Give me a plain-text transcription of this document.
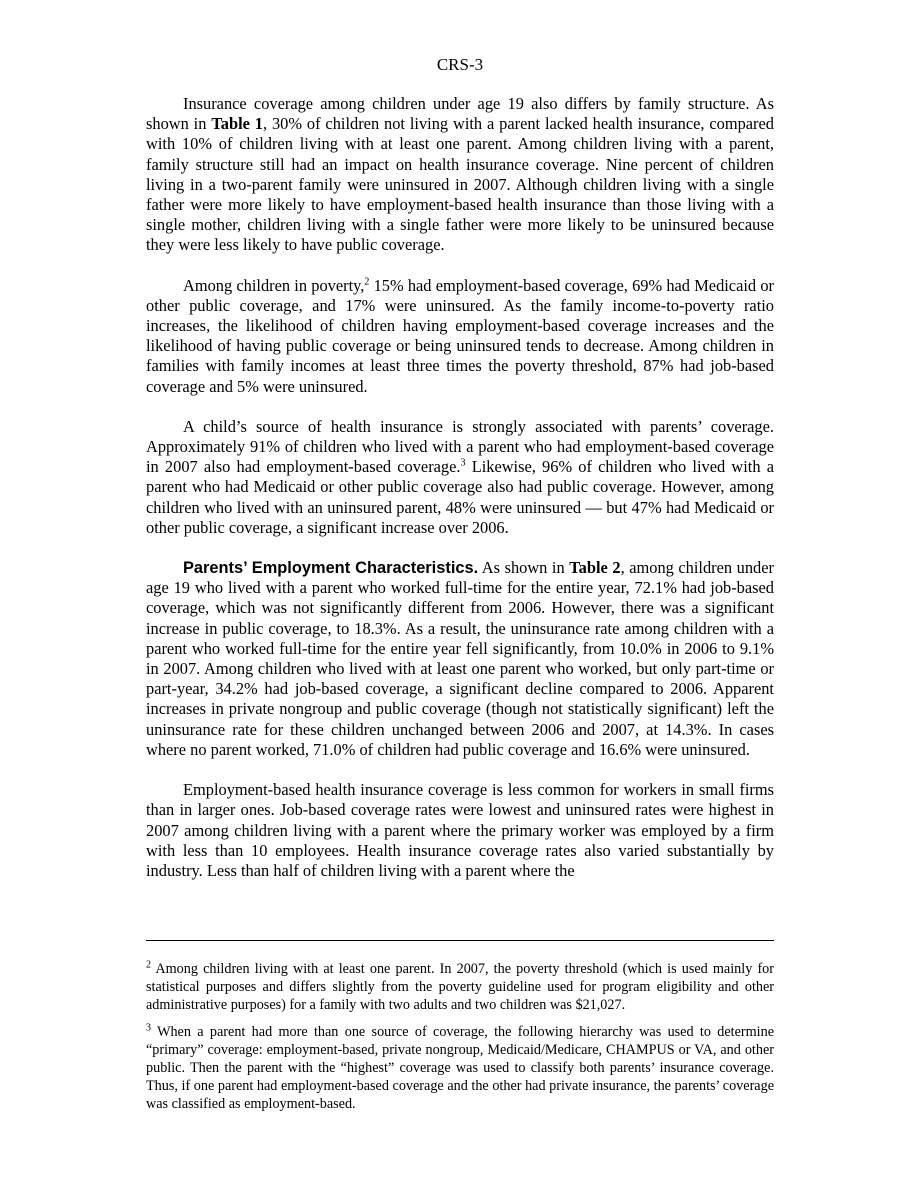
CRS-3

Insurance coverage among children under age 19 also differs by family structure. As shown in Table 1, 30% of children not living with a parent lacked health insurance, compared with 10% of children living with at least one parent. Among children living with a parent, family structure still had an impact on health insurance coverage. Nine percent of children living in a two-parent family were uninsured in 2007. Although children living with a single father were more likely to have employment-based health insurance than those living with a single mother, children living with a single father were more likely to be uninsured because they were less likely to have public coverage.

Among children in poverty,$^2$ 15% had employment-based coverage, 69% had Medicaid or other public coverage, and 17% were uninsured. As the family income-to-poverty ratio increases, the likelihood of children having employment-based coverage increases and the likelihood of having public coverage or being uninsured tends to decrease. Among children in families with family incomes at least three times the poverty threshold, 87% had job-based coverage and 5% were uninsured.

A child’s source of health insurance is strongly associated with parents’ coverage. Approximately 91% of children who lived with a parent who had employment-based coverage in 2007 also had employment-based coverage.$^3$ Likewise, 96% of children who lived with a parent who had Medicaid or other public coverage also had public coverage. However, among children who lived with an uninsured parent, 48% were uninsured — but 47% had Medicaid or other public coverage, a significant increase over 2006.

Parents’ Employment Characteristics. As shown in Table 2, among children under age 19 who lived with a parent who worked full-time for the entire year, 72.1% had job-based coverage, which was not significantly different from 2006. However, there was a significant increase in public coverage, to 18.3%. As a result, the uninsurance rate among children with a parent who worked full-time for the entire year fell significantly, from 10.0% in 2006 to 9.1% in 2007. Among children who lived with at least one parent who worked, but only part-time or part-year, 34.2% had job-based coverage, a significant decline compared to 2006. Apparent increases in private nongroup and public coverage (though not statistically significant) left the uninsurance rate for these children unchanged between 2006 and 2007, at 14.3%. In cases where no parent worked, 71.0% of children had public coverage and 16.6% were uninsured.

Employment-based health insurance coverage is less common for workers in small firms than in larger ones. Job-based coverage rates were lowest and uninsured rates were highest in 2007 among children living with a parent where the primary worker was employed by a firm with less than 10 employees. Health insurance coverage rates also varied substantially by industry. Less than half of children living with a parent where the

$^2$ Among children living with at least one parent. In 2007, the poverty threshold (which is used mainly for statistical purposes and differs slightly from the poverty guideline used for program eligibility and other administrative purposes) for a family with two adults and two children was $21,027.

$^3$ When a parent had more than one source of coverage, the following hierarchy was used to determine “primary” coverage: employment-based, private nongroup, Medicaid/Medicare, CHAMPUS or VA, and other public. Then the parent with the “highest” coverage was used to classify both parents’ insurance coverage. Thus, if one parent had employment-based coverage and the other had private insurance, the parents’ coverage was classified as employment-based.
